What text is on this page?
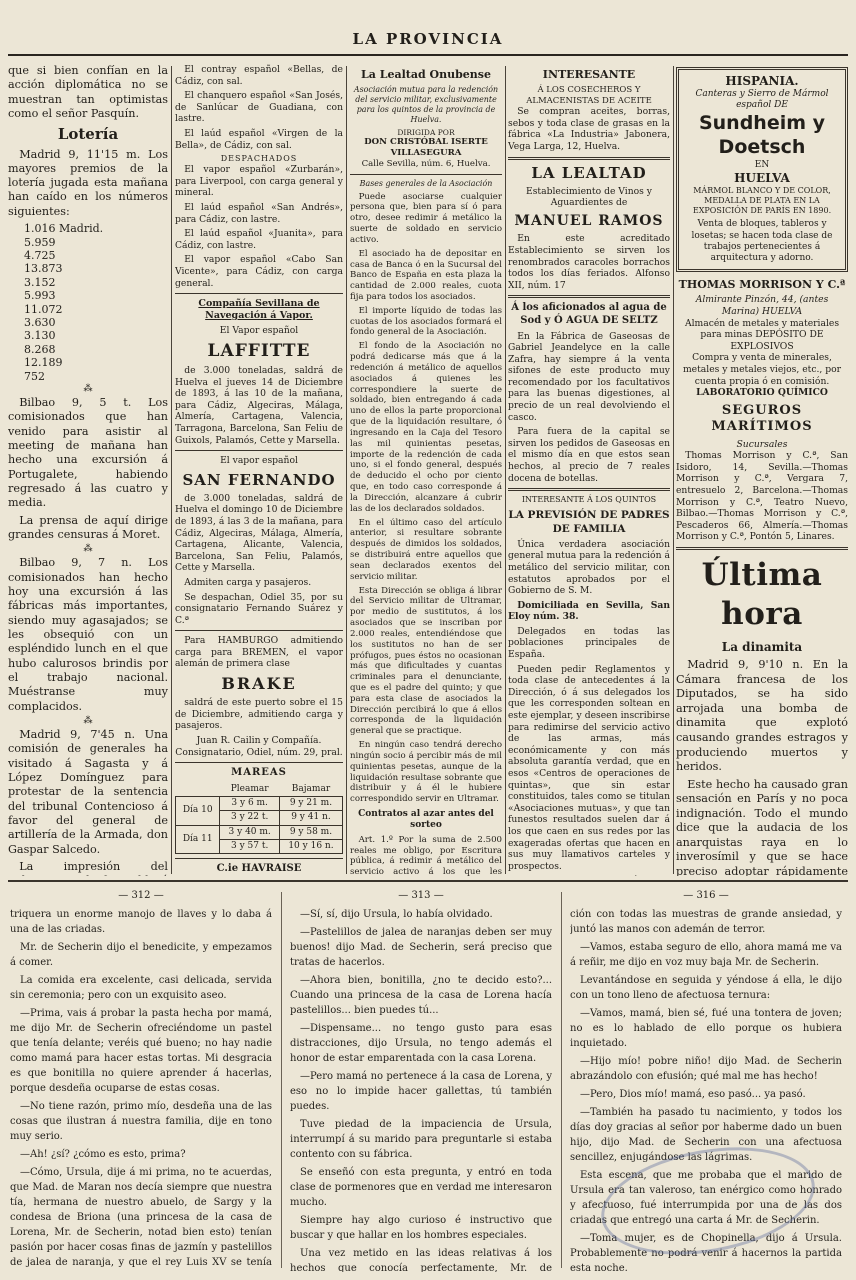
LA PROVINCIA

que si bien confían en la acción diplomática no se muestran tan optimistas como el señor Pasquín.

Lotería

Madrid 9, 11'15 m. Los mayores premios de la lotería jugada esta mañana han caído en los números siguientes:

1.016 Madrid.
5.959
4.725
13.873
3.152
5.993
11.072
3.630
3.130
8.268
12.189
752
⁂

Bilbao 9, 5 t. Los comisionados que han venido para asistir al meeting de mañana han hecho una excursión á Portugalete, habiendo regresado á las cuatro y media.

La prensa de aquí dirige grandes censuras á Moret.

⁂

Bilbao 9, 7 n. Los comisionados han hecho hoy una excursión á las fábricas más importantes, siendo muy agasajados; se les obsequió con un espléndido lunch en el que hubo calurosos brindis por el trabajo nacional. Muéstranse muy complacidos.

⁂

Madrid 9, 7'45 n. Una comisión de generales ha visitado á Sagasta y á López Domínguez para protestar de la sentencia del tribunal Contencioso á favor del general de artillería de la Armada, don Gaspar Salcedo.

La impresión del

El contray español «Bellas, de Cádiz, con sal.

El chanquero español «San Josés, de Sanlúcar de Guadiana, con lastre.

El laúd español «Virgen de la Bella», de Cádiz, con sal.

DESPACHADOS

El vapor español «Zurbarán», para Liverpool, con carga general y mineral.

El laúd español «San Andrés», para Cádiz, con lastre.

El laúd español «Juanita», para Cádiz, con lastre.

El vapor español «Cabo San Vicente», para Cádiz, con carga general.

Compañía Sevillana de Navegación á Vapor.
El Vapor español
LAFFITTE

de 3.000 toneladas, saldrá de Huelva el jueves 14 de Diciembre de 1893, á las 10 de la mañana, para Cádiz, Algeciras, Málaga, Almería, Cartagena, Valencia, Tarragona, Barcelona, San Feliu de Guixols, Palamós, Cette y Marsella.

El vapor español
SAN FERNANDO

de 3.000 toneladas, saldrá de Huelva el domingo 10 de Diciembre de 1893, á las 3 de la mañana, para Cádiz, Algeciras, Málaga, Almería, Cartagena, Alicante, Valencia, Barcelona, San Feliu, Palamós, Cette y Marsella.

Admiten carga y pasajeros.

Se despachan, Odiel 35, por su consignatario Fernando Suárez y C.ª

Para HAMBURGO admitiendo carga para BREMEN, el vapor alemán de primera clase

BRAKE

saldrá de este puerto sobre el 15 de Diciembre, admitiendo carga y pasajeros.

Juan R. Cailin y Compañía. Consignatario, Odiel, núm. 29, pral.

MAREAS
	Pleamar	Bajamar
Día 10	3 y 6 m.	9 y 21 m.
	3 y 22 t.	9 y 41 n.
Día 11	3 y 40 m.	9 y 58 m.
	3 y 57 t.	10 y 16 n.
C.ie HAVRAISE

La Lealtad Onubense
Asociación mutua para la redención del servicio militar, exclusivamente para los quintos de la provincia de Huelva.
DIRIGIDA POR
DON CRISTÓBAL ISERTE VILLASEGURA
Calle Sevilla, núm. 6, Huelva.
Bases generales de la Asociación

Puede asociarse cualquier persona que, bien para sí ó para otro, desee redimir á metálico la suerte de soldado en servicio activo.

El asociado ha de depositar en casa de Banca ó en la Sucursal del Banco de España en esta plaza la cantidad de 2.000 reales, cuota fija para todos los asociados.

El importe líquido de todas las cuotas de los asociados formará el fondo general de la Asociación.

El fondo de la Asociación no podrá dedicarse más que á la redención á metálico de aquellos asociados á quienes les correspondiere la suerte de soldado, bien entregando á cada uno de ellos la parte proporcional que de la liquidación resultare, ó ingresando en la Caja del Tesoro las mil quinientas pesetas, importe de la redención de cada uno, si el fondo general, después de deducido el ocho por ciento que, en todo caso corresponde á la Dirección, alcanzare á cubrir las de los declarados soldados.

En el último caso del artículo anterior, si resultare sobrante después de dimidos los soldados, se distribuirá entre aquellos que sean declarados exentos del servicio militar.

Esta Dirección se obliga á librar del Servicio militar de Ultramar, por medio de sustitutos, á los asociados que se inscriban por 2.000 reales, entendiéndose que los sustitutos no han de ser prófugos, pues éstos no ocasionan más que dificultades y cuantas criminales para el denunciante, que es el padre del quinto; y que para esta clase de asociados la Dirección percibirá lo que á ellos corresponda de la liquidación general que se practique.

En ningún caso tendrá derecho ningún socio á percibir más de mil quinientas pesetas, aunque de la liquidación resultase sobrante que distribuir y á él le hubiere correspondido servir en Ultramar.

Contratos al azar antes del sorteo

Art. 1.º Por la suma de 2.500 reales me obligo, por Escritura pública, á redimir á metálico del servicio activo á los que les

INTERESANTE
Á LOS COSECHEROS Y ALMACENISTAS DE ACEITE

Se compran aceites, borras, sebos y toda clase de grasas en la fábrica «La Industria» Jabonera, Vega Larga, 12, Huelva.

LA LEALTAD
Establecimiento de Vinos y Aguardientes de
MANUEL RAMOS

En este acreditado Establecimiento se sirven los renombrados caracoles borrachos todos los días feriados. Alfonso XII, núm. 17

Á los aficionados al agua de Sod y Ó AGUA DE SELTZ

En la Fábrica de Gaseosas de Gabriel Jeandelyce en la calle Zafra, hay siempre á la venta sifones de este producto muy recomendado por los facultativos para las buenas digestiones, al precio de un real devolviendo el casco.

Para fuera de la capital se sirven los pedidos de Gaseosas en el mismo día en que estos sean hechos, al precio de 7 reales docena de botellas.

INTERESANTE Á LOS QUINTOS
LA PREVISIÓN DE PADRES DE FAMILIA

Única verdadera asociación general mutua para la redención á metálico del servicio militar, con estatutos aprobados por el Gobierno de S. M.

Domiciliada en Sevilla, San Eloy núm. 38.

Delegados en todas las poblaciones principales de España.

Pueden pedir Reglamentos y toda clase de antecedentes á la Dirección, ó á sus delegados los que les corresponden soltean en este ejemplar, y deseen inscribirse para redimirse del servicio activo de las armas, más económicamente y con más absoluta garantía verdad, que en esos «Centros de operaciones de quintas», que sin estar constituidos, tales como se titulan «Asociaciones mutuas», y que tan funestos resultados suelen dar á los que caen en sus redes por las exageradas ofertas que hacen en sus muy llamativos carteles y prospectos.

HISPANIA.
Canteras y Sierro de Mármol español DE
Sundheim y Doetsch
EN
HUELVA
MÁRMOL BLANCO Y DE COLOR, MEDALLA DE PLATA EN LA EXPOSICIÓN DE PARÍS EN 1890.
Venta de bloques, tableros y losetas; se hacen toda clase de trabajos pertenecientes á arquitectura y adorno.
THOMAS MORRISON Y C.ª
Almirante Pinzón, 44, (antes Marina) HUELVA
Almacén de metales y materiales para minas DEPÓSITO DE EXPLOSIVOS
Compra y venta de minerales, metales y metales viejos, etc., por cuenta propia ó en comisión.
LABORATORIO QUÍMICO
SEGUROS MARÍTIMOS
Sucursales

Thomas Morrison y C.ª, San Isidoro, 14, Sevilla.—Thomas Morrison y C.ª, Vergara 7, entresuelo 2, Barcelona.—Thomas Morrison y C.ª, Teatro Nuevo, Bilbao.—Thomas Morrison y C.ª, Pescaderos 66, Almería.—Thomas Morrison y C.ª, Pontón 5, Linares.

Última hora
La dinamita

Madrid 9, 9'10 n. En la Cámara francesa de los Diputados, se ha sido arrojada una bomba de dinamita que explotó causando grandes estragos y produciendo muertos y heridos.

Este hecho ha causado gran sensación en París y no poca indignación. Todo el mundo dice que la audacia de los anarquistas raya en lo inverosímil y que se hace preciso adoptar rápidamente

— 312 —

triquera un enorme manojo de llaves y lo daba á una de las criadas.

Mr. de Secherin dijo el benedicite, y empezamos á comer.

La comida era excelente, casi delicada, servida sin ceremonia; pero con un exquisito aseo.

—Prima, vais á probar la pasta hecha por mamá, me dijo Mr. de Secherin ofreciéndome un pastel que tenía delante; veréis qué bueno; no hay nadie como mamá para hacer estas tortas. Mi desgracia es que bonitilla no quiere aprender á hacerlas, porque desdeña ocuparse de estas cosas.

—No tiene razón, primo mío, desdeña una de las cosas que ilustran á nuestra familia, dije en tono muy serio.

—Ah! ¿sí? ¿cómo es esto, prima?

—Cómo, Ursula, dije á mi prima, no te acuerdas, que Mad. de Maran nos decía siempre que nuestra tía, hermana de nuestro abuelo, de Sargy y la condesa de Briona (una princesa de la casa de Lorena, Mr. de Secherin, notad bien esto) tenían pasión por hacer cosas finas de jazmín y pastelillos de jalea de naranja, y que el rey Luis XV se tenía

— 313 —

—Sí, sí, dijo Ursula, lo había olvidado.

—Pastelillos de jalea de naranjas deben ser muy buenos! dijo Mad. de Secherin, será preciso que tratas de hacerlos.

—Ahora bien, bonitilla, ¿no te decido esto?... Cuando una princesa de la casa de Lorena hacía pastelillos... bien puedes tú...

—Dispensame... no tengo gusto para esas distracciones, dijo Ursula, no tengo además el honor de estar emparentada con la casa Lorena.

—Pero mamá no pertenece á la casa de Lorena, y eso no lo impide hacer gallettas, tú también puedes.

Tuve piedad de la impaciencia de Ursula, interrumpí á su marido para preguntarle si estaba contento con su fábrica.

Se enseñó con esta pregunta, y entró en toda clase de pormenores que en verdad me interesaron mucho.

Siempre hay algo curioso é instructivo que buscar y que hallar en los hombres especiales.

Una vez metido en las ideas relativas á los hechos que conocía perfectamente, Mr. de

— 316 —

ción con todas las muestras de grande ansiedad, y juntó las manos con ademán de terror.

—Vamos, estaba seguro de ello, ahora mamá me va á reñir, me dijo en voz muy baja Mr. de Secherin.

Levantándose en seguida y yéndose á ella, le dijo con un tono lleno de afectuosa ternura:

—Vamos, mamá, bien sé, fué una tontera de joven; no es lo hablado de ello porque os hubiera inquietado.

—Hijo mío! pobre niño! dijo Mad. de Secherin abrazándolo con efusión; qué mal me has hecho!

—Pero, Dios mío! mamá, eso pasó... ya pasó.

—También ha pasado tu nacimiento, y todos los días doy gracias al señor por haberme dado un buen hijo, dijo Mad. de Secherin con una afectuosa sencillez, enjugándose las lágrimas.

Esta escena, que me probaba que el marido de Ursula era tan valeroso, tan enérgico como honrado y afectuoso, fué interrumpida por una de las dos criadas que entregó una carta á Mr. de Secherin.

—Toma mujer, es de Chopinella, dijo á Ursula. Probablemente no podrá venir á hacernos la partida esta noche.
